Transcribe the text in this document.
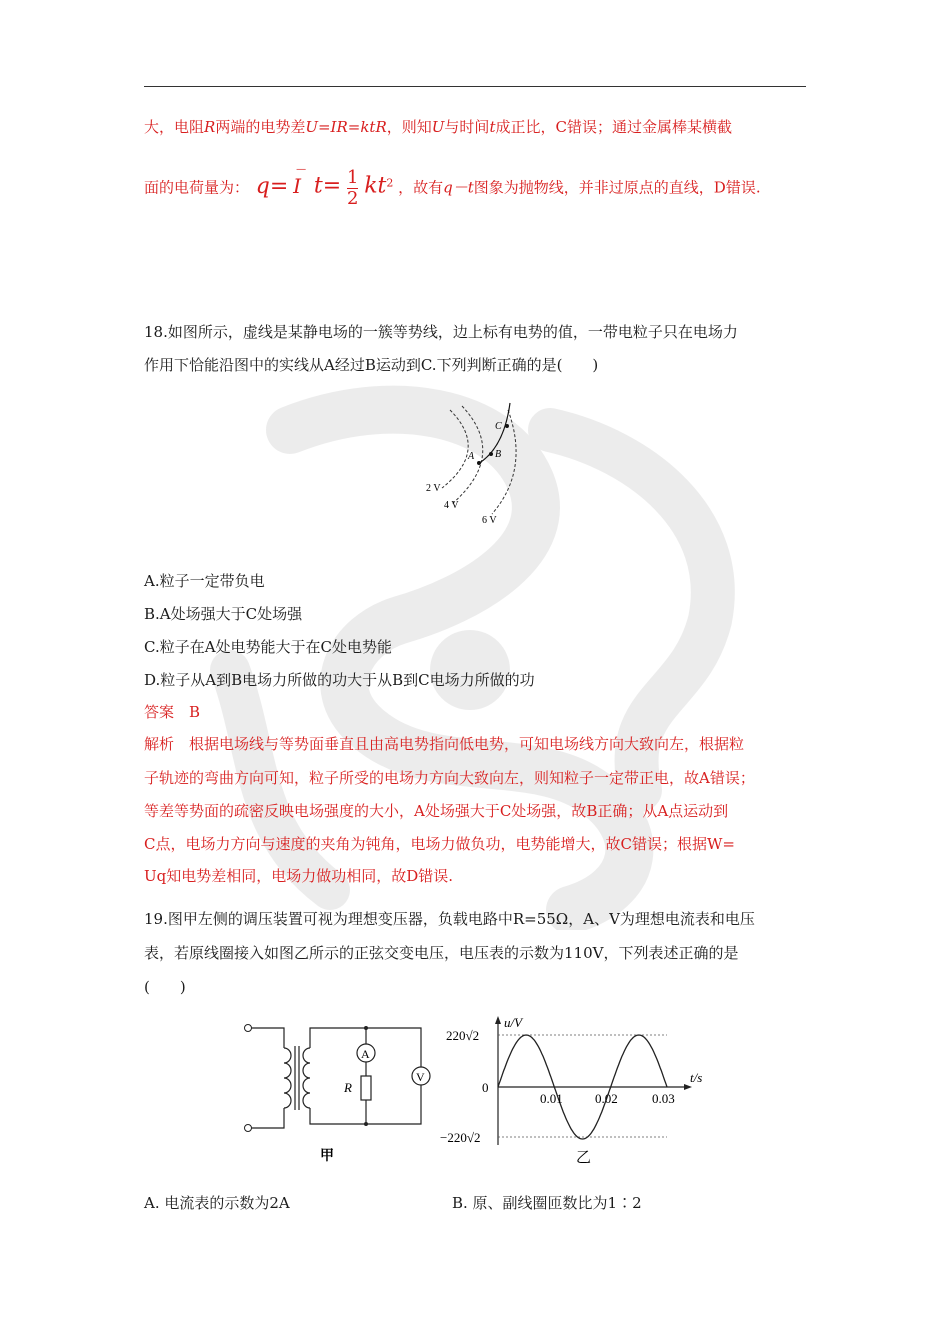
大，电阻R两端的电势差U=IR=ktR，则知U与时间t成正比，C错误；通过金属棒某横截
面的电荷量为： q=
—
I $t= \frac{1}{2} kt^2$ ，故有q－t图象为抛物线，并非过原点的直线，D错误.
18.如图所示，虚线是某静电场的一簇等势线，边上标有电势的值，一带电粒子只在电场力
作用下恰能沿图中的实线从A经过B运动到C.下列判断正确的是(　　)
A B
C
2 V
4 V
6 V
A.粒子一定带负电
B.A处场强大于C处场强
C.粒子在A处电势能大于在C处电势能
D.粒子从A到B电场力所做的功大于从B到C电场力所做的功
答案　B
解析　根据电场线与等势面垂直且由高电势指向低电势，可知电场线方向大致向左，根据粒
子轨迹的弯曲方向可知，粒子所受的电场力方向大致向左，则知粒子一定带正电，故A错误；
等差等势面的疏密反映电场强度的大小，A处场强大于C处场强，故B正确；从A点运动到
C点，电场力方向与速度的夹角为钝角，电场力做负功，电势能增大，故C错误；根据W=
Uq知电势差相同，电场力做功相同，故D错误.
19.图甲左侧的调压装置可视为理想变压器，负载电路中R=55Ω，A、V为理想电流表和电压
表，若原线圈接入如图乙所示的正弦交变电压，电压表的示数为110V，下列表述正确的是
(　　)
A
R
V
甲
u/V
t/s
220√2
0
−220√2
0.01 0.02	0.03
乙
A. 电流表的示数为2A	B. 原、副线圈匝数比为1∶2
